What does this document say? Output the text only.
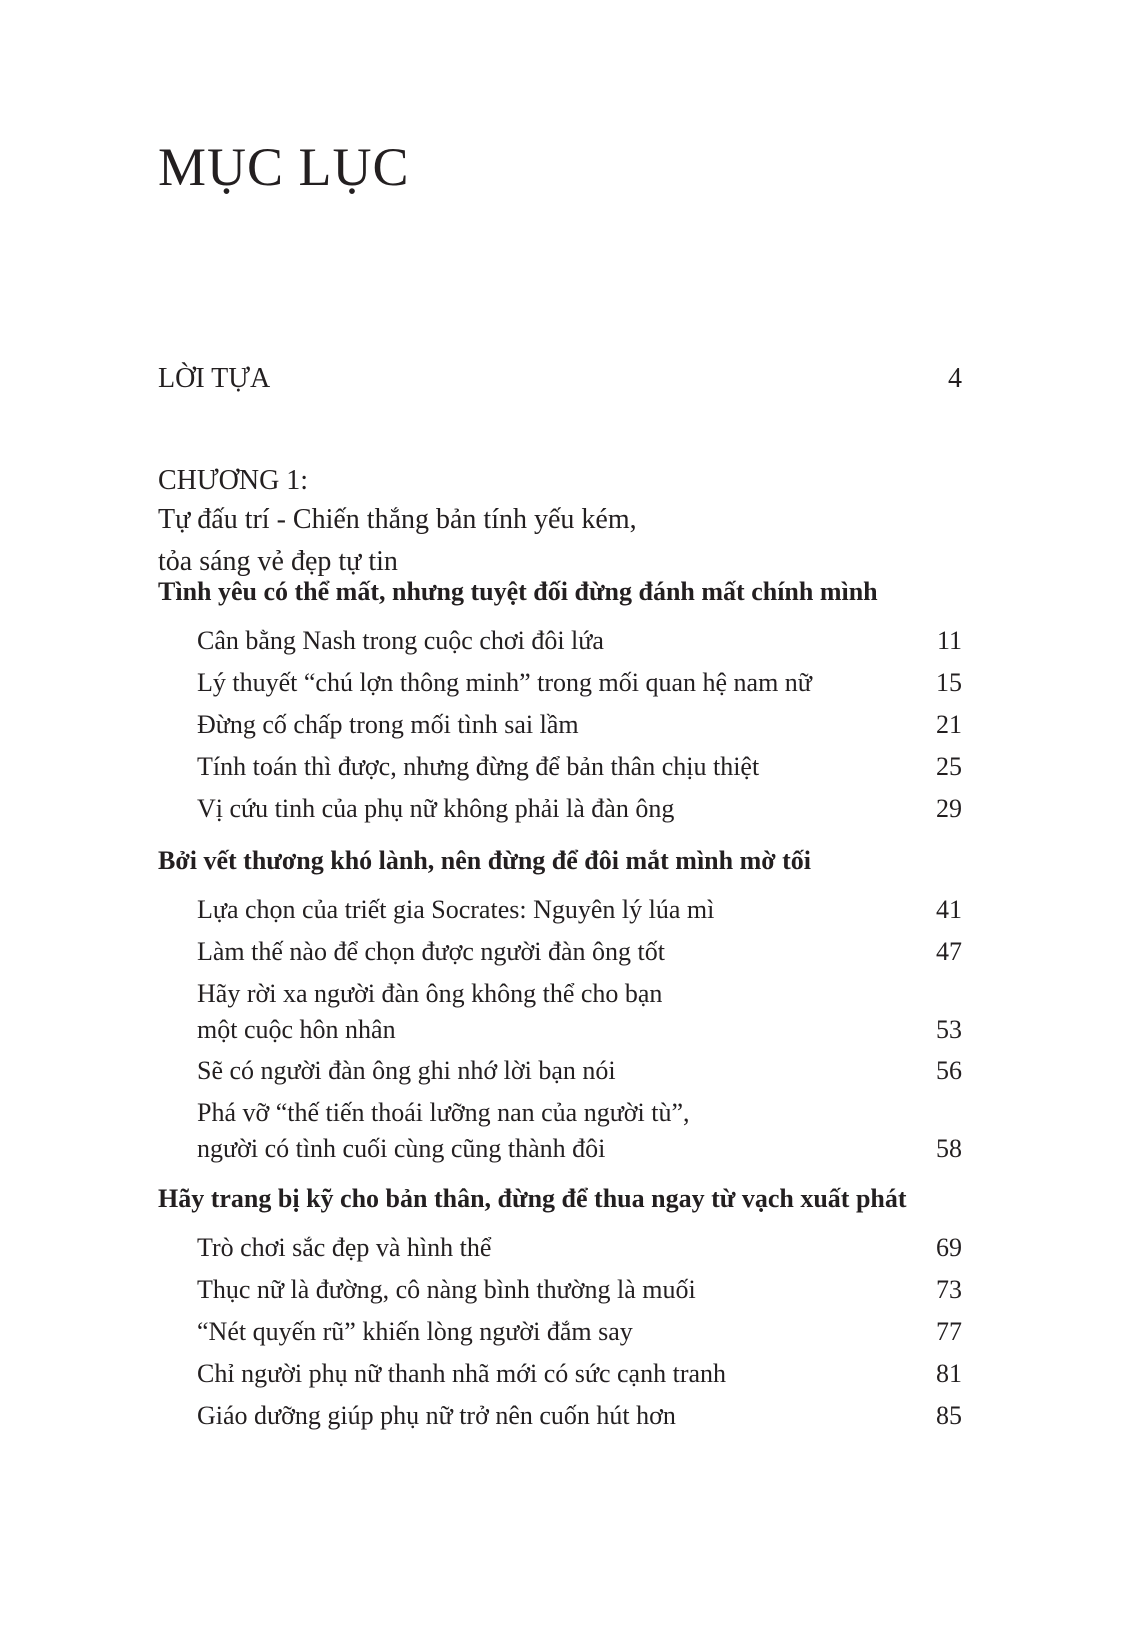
MỤC LỤC
LỜI TỰA	4
CHƯƠNG 1:
Tự đấu trí - Chiến thắng bản tính yếu kém,
tỏa sáng vẻ đẹp tự tin
Tình yêu có thể mất, nhưng tuyệt đối đừng đánh mất chính mình
Cân bằng Nash trong cuộc chơi đôi lứa	11
Lý thuyết “chú lợn thông minh” trong mối quan hệ nam nữ	15
Đừng cố chấp trong mối tình sai lầm	21
Tính toán thì được, nhưng đừng để bản thân chịu thiệt	25
Vị cứu tinh của phụ nữ không phải là đàn ông	29
Bởi vết thương khó lành, nên đừng để đôi mắt mình mờ tối
Lựa chọn của triết gia Socrates: Nguyên lý lúa mì	41
Làm thế nào để chọn được người đàn ông tốt	47
Hãy rời xa người đàn ông không thể cho bạn
một cuộc hôn nhân	53
Sẽ có người đàn ông ghi nhớ lời bạn nói	56
Phá vỡ “thế tiến thoái lưỡng nan của người tù”,
người có tình cuối cùng cũng thành đôi	58
Hãy trang bị kỹ cho bản thân, đừng để thua ngay từ vạch xuất phát
Trò chơi sắc đẹp và hình thể	69
Thục nữ là đường, cô nàng bình thường là muối	73
“Nét quyến rũ” khiến lòng người đắm say	77
Chỉ người phụ nữ thanh nhã mới có sức cạnh tranh	81
Giáo dưỡng giúp phụ nữ trở nên cuốn hút hơn	85
